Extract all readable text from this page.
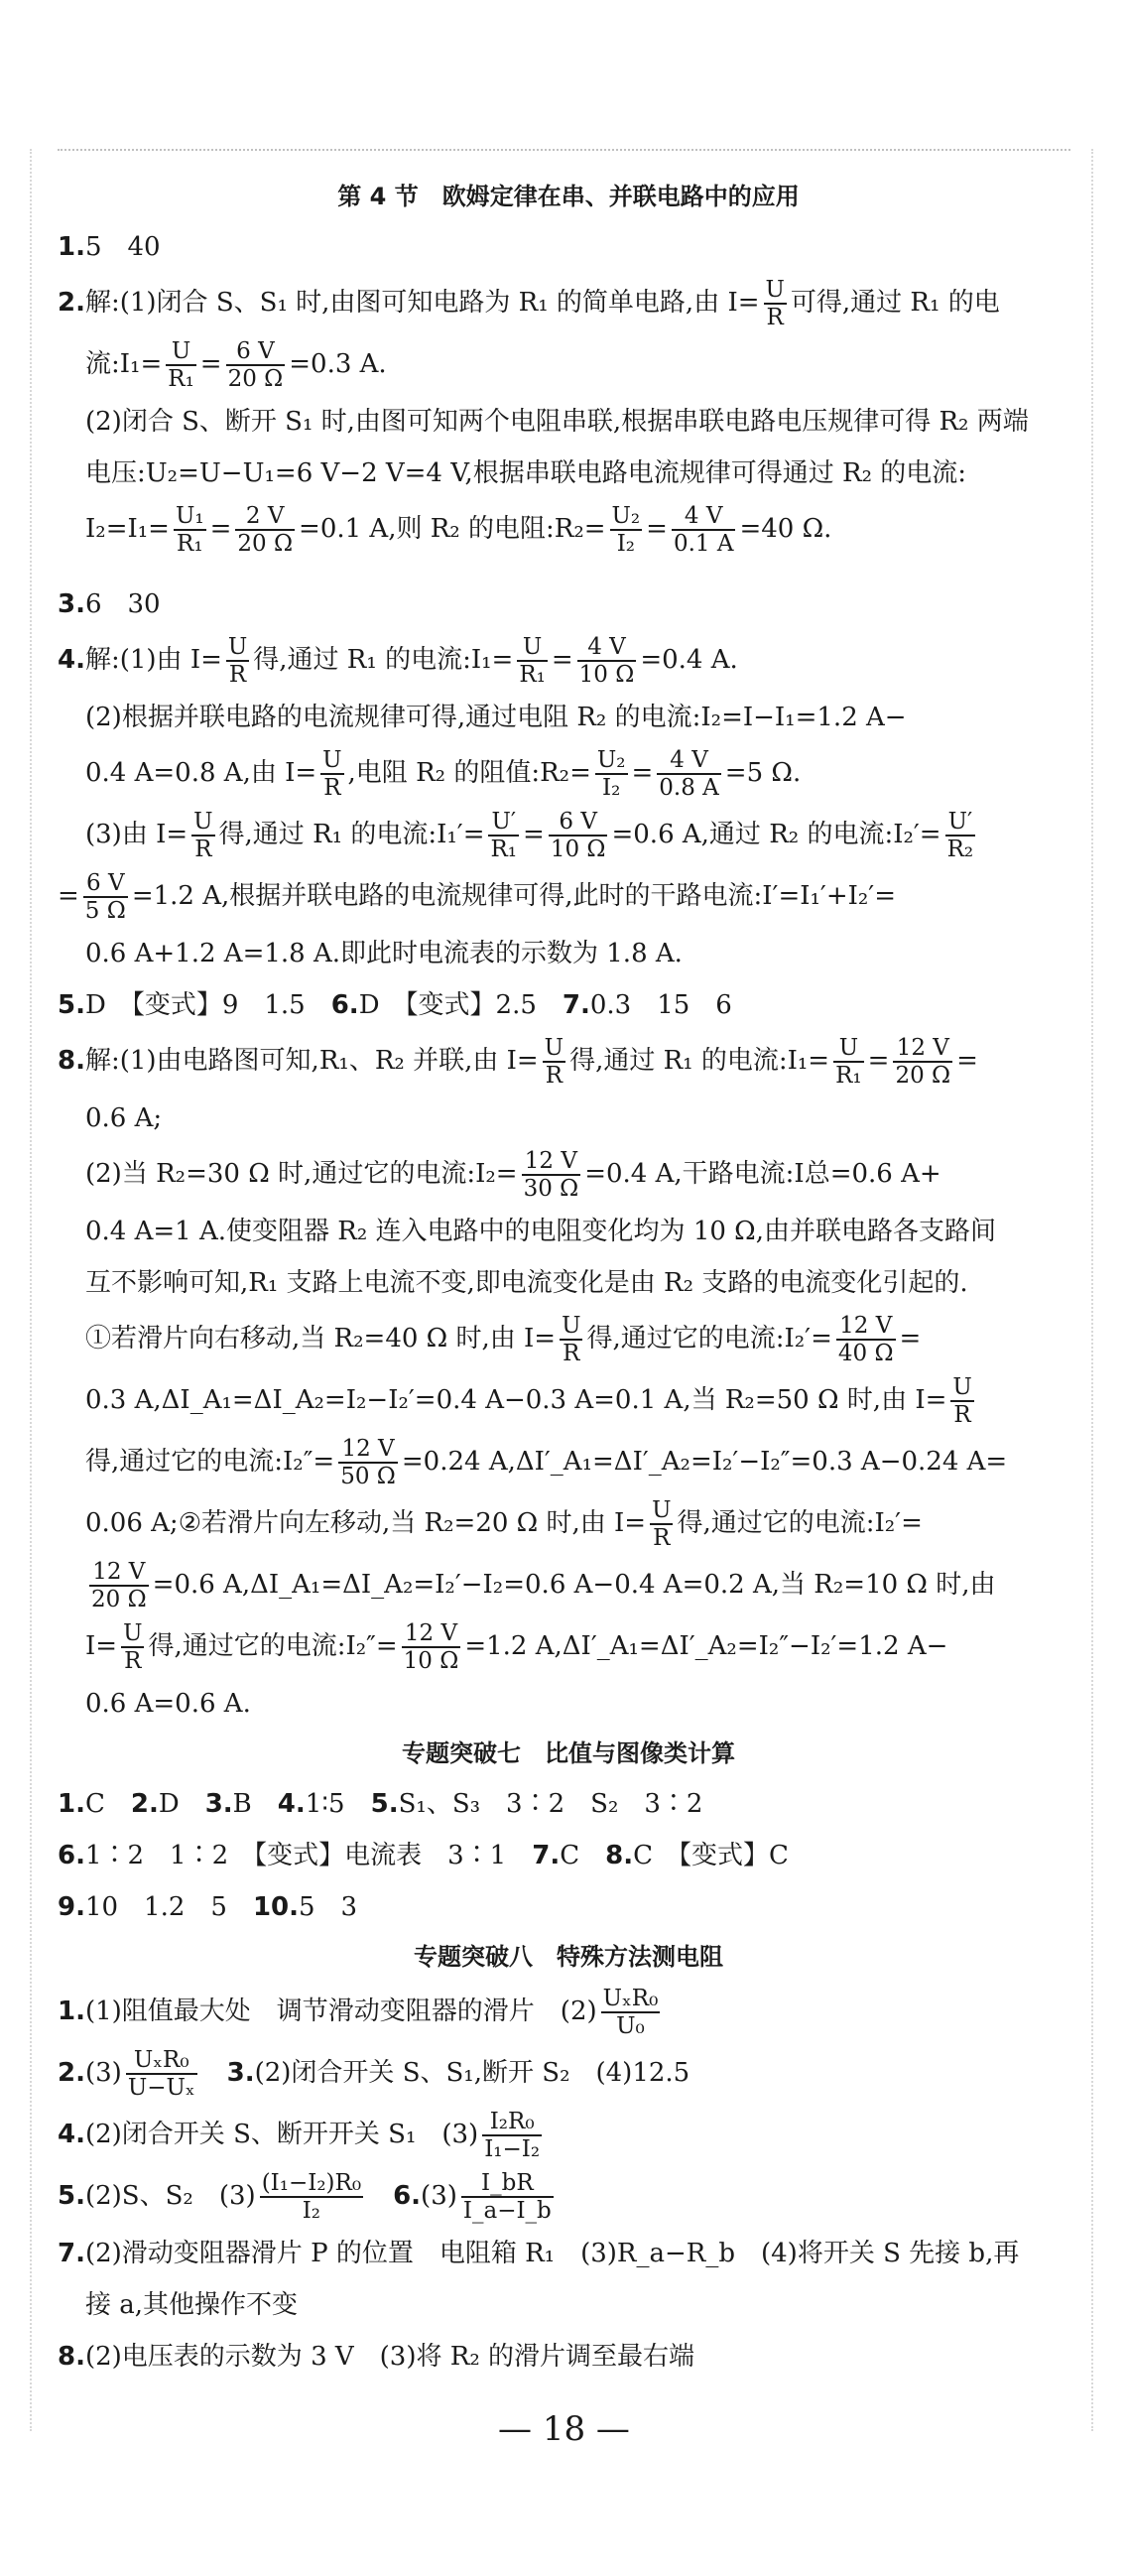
第 4 节　欧姆定律在串、并联电路中的应用
1.5　40
2.解:(1)闭合 S、S₁ 时,由图可知电路为 R₁ 的简单电路,由 $I= \frac{U}{R}$ 可得,通过 R₁ 的电
流:I₁= $\frac{U}{\text{R₁}} = \frac{6 V}{20 \Omega} =0.3$ A.
(2)闭合 S、断开 S₁ 时,由图可知两个电阻串联,根据串联电路电压规律可得 R₂ 两端
电压:U₂=U−U₁=6 V−2 V=4 V,根据串联电路电流规律可得通过 R₂ 的电流:
$I_2=I_1= \frac{\text{U₁}}{\text{R₁}} = \frac{2 V}{20 \Omega} =0.1$ A,则 R₂ 的电阻:R₂= $\frac{\text{U₂}}{\text{I₂}} = \frac{4 V}{0.1 A} =40$ Ω.
3.6　30
4.解:(1)由 $I= \frac{U}{R}$ 得,通过 R₁ 的电流:I₁= $\frac{U}{\text{R₁}} = \frac{4 V}{10 \Omega} =0.4$ A.
(2)根据并联电路的电流规律可得,通过电阻 R₂ 的电流:I₂=I−I₁=1.2 A−
0.4 A=0.8 A,由 $I= \frac{U}{R}$ ,电阻 R₂ 的阻值:R₂= $\frac{\text{U₂}}{\text{I₂}} = \frac{4 V}{0.8 A} =5$ Ω.
(3)由 $I= \frac{U}{R}$ 得,通过 R₁ 的电流:I₁′= $\frac{U'}{\text{R₁}} = \frac{6 V}{10 \Omega} =0.6$ A,通过 R₂ 的电流:I₂′= $\frac{U'}{\text{R₂}}$
= $\frac{6 V}{5 \Omega} =1.2$ A,根据并联电路的电流规律可得,此时的干路电流:I′=I₁′+I₂′=
0.6 A+1.2 A=1.8 A.即此时电流表的示数为 1.8 A.
5.D　【变式】9　1.5　6.D　【变式】2.5　7.0.3　15　6
8.解:(1)由电路图可知,R₁、R₂ 并联,由 $I= \frac{U}{R}$ 得,通过 R₁ 的电流:I₁= $\frac{U}{\text{R₁}} = \frac{12 V}{20 \Omega}$ =
0.6 A;
(2)当 R₂=30 Ω 时,通过它的电流:I₂= $\frac{12 V}{30 \Omega} =0.4$ A,干路电流:I总=0.6 A+
0.4 A=1 A.使变阻器 R₂ 连入电路中的电阻变化均为 10 Ω,由并联电路各支路间
互不影响可知,R₁ 支路上电流不变,即电流变化是由 R₂ 支路的电流变化引起的.
①若滑片向右移动,当 R₂=40 Ω 时,由 $I= \frac{U}{R}$ 得,通过它的电流:I₂′= $\frac{12 V}{40 \Omega}$ =
0.3 A,ΔI_A₁=ΔI_A₂=I₂−I₂′=0.4 A−0.3 A=0.1 A,当 R₂=50 Ω 时,由 $I= \frac{U}{R}$
得,通过它的电流:I₂″= $\frac{12 V}{50 \Omega} =0.24$ A,ΔI′_A₁=ΔI′_A₂=I₂′−I₂″=0.3 A−0.24 A=
0.06 A;②若滑片向左移动,当 R₂=20 Ω 时,由 $I= \frac{U}{R}$ 得,通过它的电流:I₂′=
$\frac{12 V}{20 \Omega} =0.6$ A,ΔI_A₁=ΔI_A₂=I₂′−I₂=0.6 A−0.4 A=0.2 A,当 R₂=10 Ω 时,由
$I= \frac{U}{R}$ 得,通过它的电流:I₂″= $\frac{12 V}{10 \Omega} =1.2$ A,ΔI′_A₁=ΔI′_A₂=I₂″−I₂′=1.2 A−
0.6 A=0.6 A.
专题突破七　比值与图像类计算
1.C　2.D　3.B　4.1∶5　5.S₁、S₃　3∶2　S₂　3∶2
6.1∶2　1∶2　【变式】电流表　3∶1　7.C　8.C　【变式】C
9.10　1.2　5　10.5　3
专题突破八　特殊方法测电阻
1.(1)阻值最大处　调节滑动变阻器的滑片　$(2) \frac{\text{UₓR₀}}{\text{U₀}}$
$2.(3) \frac{\text{UₓR₀}}{\text{U−Uₓ}}$
　 3.(2)闭合开关 S、S₁,断开 S₂　(4)12.5
4.(2)闭合开关 S、断开开关 S₁　$(3) \frac{\text{I₂R₀}}{\text{I₁−I₂}}$
5.(2)S、S₂　$(3) \frac{\text{(I₁−I₂)R₀}}{\text{I₂}}$
　 $6.(3) \frac{I\_bR}{I\_a-I\_b}$
7.(2)滑动变阻器滑片 P 的位置　电阻箱 R₁　(3)R_a−R_b　(4)将开关 S 先接 b,再
接 a,其他操作不变
8.(2)电压表的示数为 3 V　(3)将 R₂ 的滑片调至最右端
— 18 —
